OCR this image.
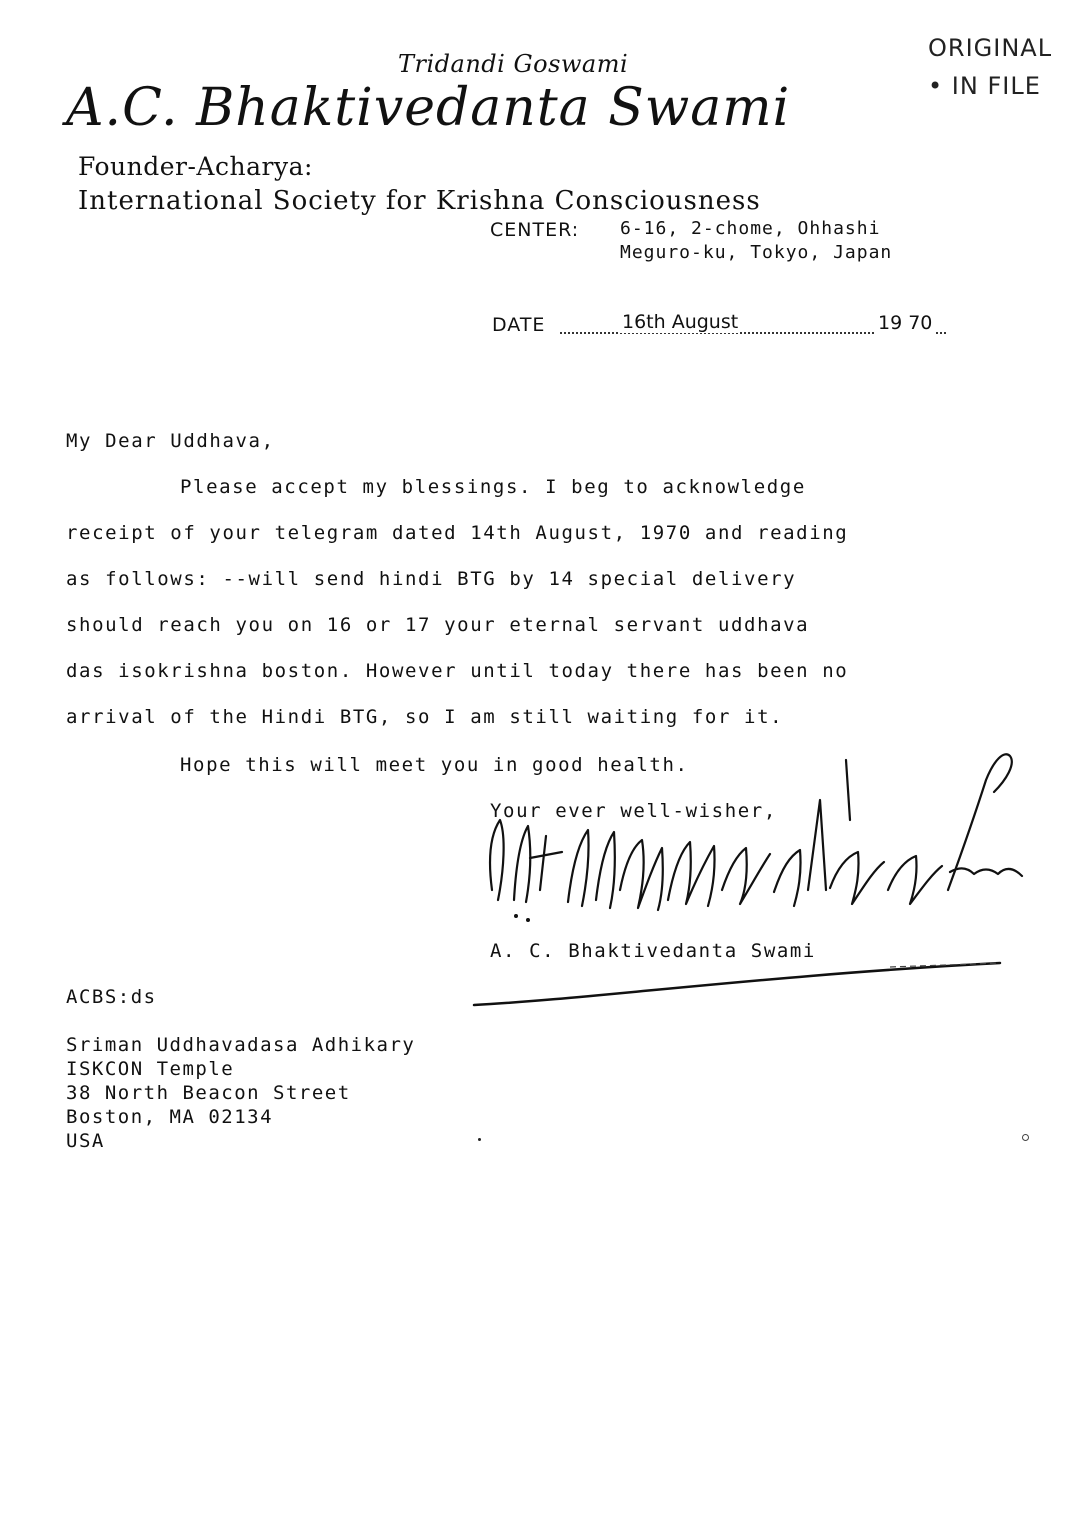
ORIGINAL
• IN FILE
Tridandi Goswami
A.C. Bhaktivedanta Swami
Founder-Acharya:
International Society for Krishna Consciousness
CENTER: 6-16, 2-chome, Ohhashi
Meguro-ku, Tokyo, Japan
DATE	16th August	19 70
My Dear Uddhava,
Please accept my blessings. I beg to acknowledge
receipt of your telegram dated 14th August, 1970 and reading
as follows: --will send hindi BTG by 14 special delivery
should reach you on 16 or 17 your eternal servant uddhava
das isokrishna boston. However until today there has been no
arrival of the Hindi BTG, so I am still waiting for it.
Hope this will meet you in good health.
Your ever well-wisher,
A. C. Bhaktivedanta Swami
ACBS:ds
Sriman Uddhavadasa Adhikary
ISKCON Temple
38 North Beacon Street
Boston, MA 02134
USA
